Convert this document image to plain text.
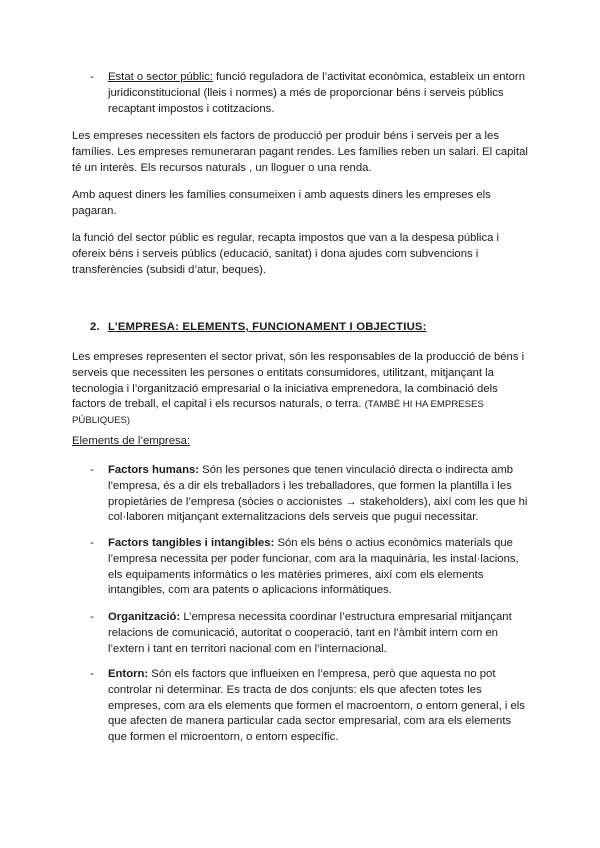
- Estat o sector públic: funció reguladora de l’activitat econòmica, estableix un entorn juridiconstitucional (lleis i normes) a més de proporcionar béns i serveis públics recaptant impostos i cotitzacions.

Les empreses necessiten els factors de producció per produir béns i serveis per a les famílies. Les empreses remuneraran pagant rendes. Les famílies reben un salari. El capital té un interès. Els recursos naturals , un lloguer o una renda.

Amb aquest diners les famílies consumeixen i amb aquests diners les empreses els pagaran.

la funció del sector públic es regular, recapta impostos que van a la despesa pública i ofereix béns i serveis públics (educació, sanitat) i dona ajudes com subvencions i transferències (subsidi d’atur, beques).

2. L’EMPRESA: ELEMENTS, FUNCIONAMENT I OBJECTIUS:

Les empreses representen el sector privat, són les responsables de la producció de béns i serveis que necessiten les persones o entitats consumidores, utilitzant, mitjançant la tecnologia i l’organització empresarial o la iniciativa emprenedora, la combinació dels factors de treball, el capital i els recursos naturals, o terra. (TAMBÉ HI HA EMPRESES PÚBLIQUES)

Elements de l’empresa:

- Factors humans: Són les persones que tenen vinculació directa o indirecta amb l’empresa, és a dir els treballadors i les treballadores, que formen la plantilla i les propietàries de l’empresa (sòcies o accionistes → stakeholders), així com les que hi col·laboren mitjançant externalitzacions dels serveis que pugui necessitar.
- Factors tangibles i intangibles: Són els béns o actius econòmics materials que l’empresa necessita per poder funcionar, com ara la maquinària, les instal·lacions, els equipaments informàtics o les matèries primeres, així com els elements intangibles, com ara patents o aplicacions informàtiques.
- Organització: L’empresa necessita coordinar l’estructura empresarial mitjançant relacions de comunicació, autoritat o cooperació, tant en l’àmbit intern com en l’extern i tant en territori nacional com en l’internacional.
- Entorn: Són els factors que influeixen en l’empresa, però que aquesta no pot controlar ni determinar. Es tracta de dos conjunts: els que afecten totes les empreses, com ara els elements que formen el macroentorn, o entorn general, i els que afecten de manera particular cada sector empresarial, com ara els elements que formen el microentorn, o entorn específic.
